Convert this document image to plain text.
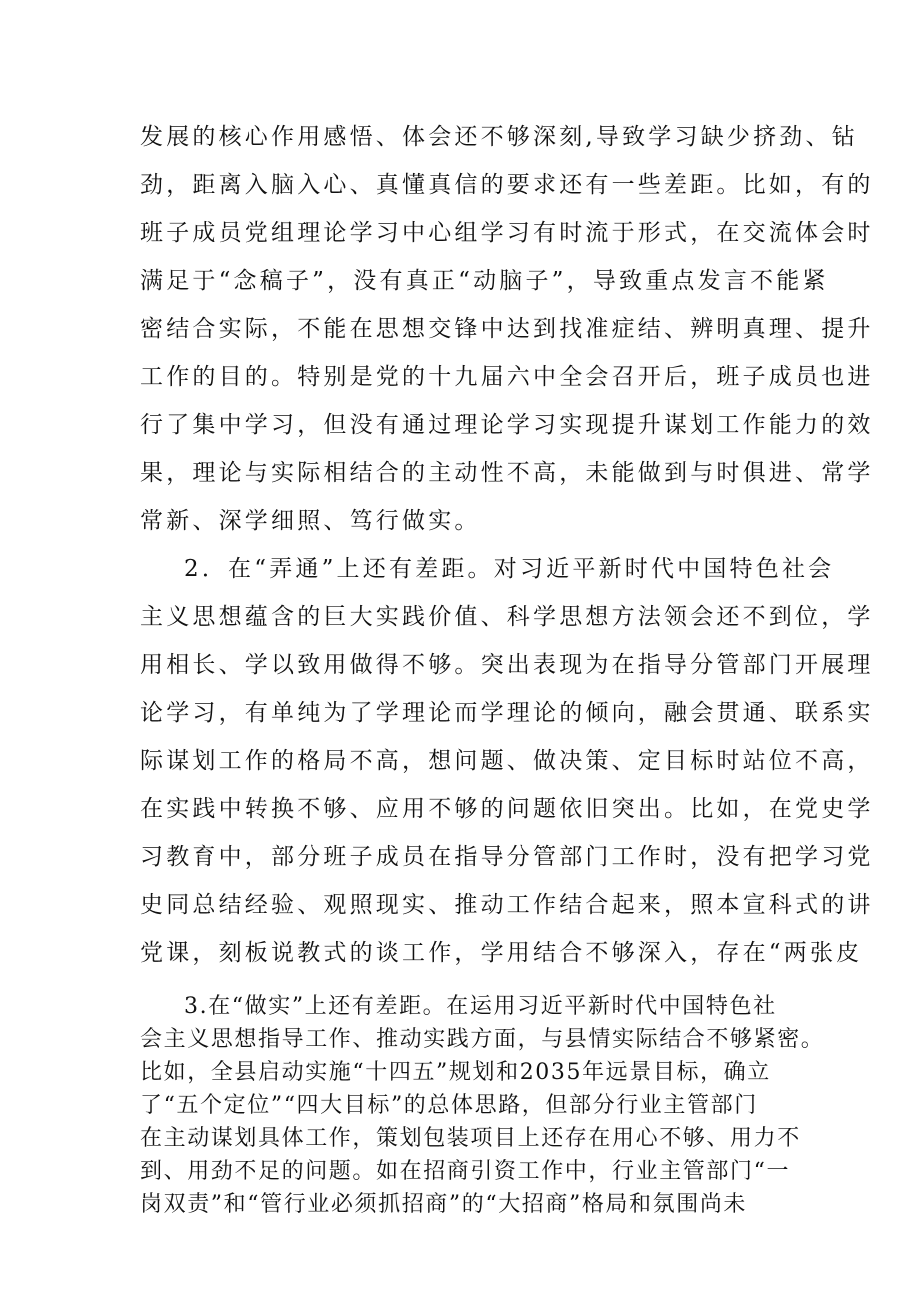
发展的核心作用感悟、体会还不够深刻,导致学习缺少挤劲、钻
劲，距离入脑入心、真懂真信的要求还有一些差距。比如，有的
班子成员党组理论学习中心组学习有时流于形式，在交流体会时
满足于“念稿子”，没有真正“动脑子”，导致重点发言不能紧
密结合实际，不能在思想交锋中达到找准症结、辨明真理、提升
工作的目的。特别是党的十九届六中全会召开后，班子成员也进
行了集中学习，但没有通过理论学习实现提升谋划工作能力的效
果，理论与实际相结合的主动性不高，未能做到与时俱进、常学
常新、深学细照、笃行做实。
2．在“弄通”上还有差距。对习近平新时代中国特色社会
主义思想蕴含的巨大实践价值、科学思想方法领会还不到位，学
用相长、学以致用做得不够。突出表现为在指导分管部门开展理
论学习，有单纯为了学理论而学理论的倾向，融会贯通、联系实
际谋划工作的格局不高，想问题、做决策、定目标时站位不高，
在实践中转换不够、应用不够的问题依旧突出。比如，在党史学
习教育中，部分班子成员在指导分管部门工作时，没有把学习党
史同总结经验、观照现实、推动工作结合起来，照本宣科式的讲
党课，刻板说教式的谈工作，学用结合不够深入，存在“两张皮
3.在“做实”上还有差距。在运用习近平新时代中国特色社
会主义思想指导工作、推动实践方面，与县情实际结合不够紧密。
比如，全县启动实施“十四五”规划和2035年远景目标，确立
了“五个定位”“四大目标”的总体思路，但部分行业主管部门
在主动谋划具体工作，策划包装项目上还存在用心不够、用力不
到、用劲不足的问题。如在招商引资工作中，行业主管部门“一
岗双责”和“管行业必须抓招商”的“大招商”格局和氛围尚未
